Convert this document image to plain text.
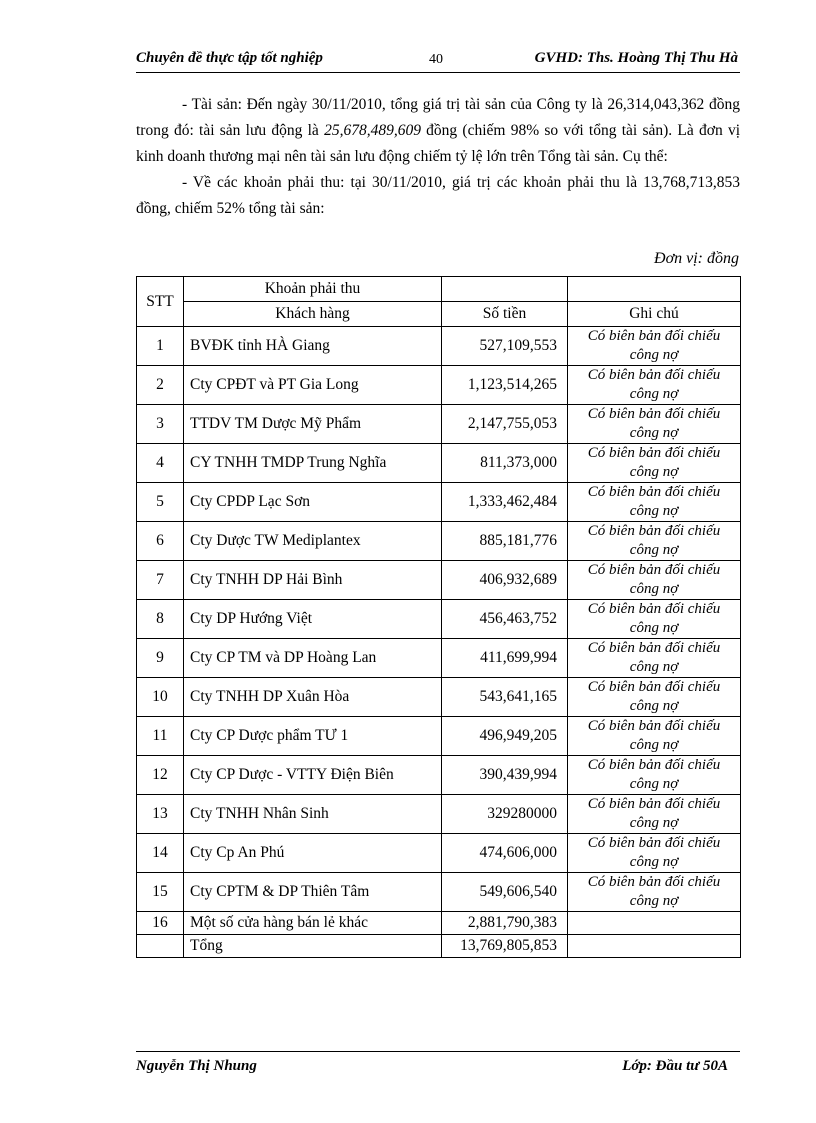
Chuyên đề thực tập tốt nghiệp	40	GVHD: Ths. Hoàng Thị Thu Hà

- Tài sản: Đến ngày 30/11/2010, tổng giá trị tài sản của Công ty là 26,314,043,362 đồng trong đó: tài sản lưu động là 25,678,489,609 đồng (chiếm 98% so với tổng tài sản). Là đơn vị kinh doanh thương mại nên tài sản lưu động chiếm tỷ lệ lớn trên Tổng tài sản. Cụ thể:

- Về các khoản phải thu: tại 30/11/2010, giá trị các khoản phải thu là 13,768,713,853 đồng, chiếm 52% tổng tài sản:

Đơn vị: đồng
STT	Khoản phải thu		
	Khách hàng	Số tiền	Ghi chú
1	BVĐK tỉnh HÀ Giang	527,109,553	Có biên bản đối chiếu công nợ
2	Cty CPĐT và PT Gia Long	1,123,514,265	Có biên bản đối chiếu công nợ
3	TTDV TM Dược Mỹ Phẩm	2,147,755,053	Có biên bản đối chiếu công nợ
4	CY TNHH TMDP Trung Nghĩa	811,373,000	Có biên bản đối chiếu công nợ
5	Cty CPDP Lạc Sơn	1,333,462,484	Có biên bản đối chiếu công nợ
6	Cty Dược TW Mediplantex	885,181,776	Có biên bản đối chiếu công nợ
7	Cty TNHH DP Hải Bình	406,932,689	Có biên bản đối chiếu công nợ
8	Cty DP Hướng Việt	456,463,752	Có biên bản đối chiếu công nợ
9	Cty CP TM và DP Hoàng Lan	411,699,994	Có biên bản đối chiếu công nợ
10	Cty TNHH DP Xuân Hòa	543,641,165	Có biên bản đối chiếu công nợ
11	Cty CP Dược phẩm TƯ 1	496,949,205	Có biên bản đối chiếu công nợ
12	Cty CP Dược - VTTY Điện Biên	390,439,994	Có biên bản đối chiếu công nợ
13	Cty TNHH Nhân Sinh	329280000	Có biên bản đối chiếu công nợ
14	Cty Cp An Phú	474,606,000	Có biên bản đối chiếu công nợ
15	Cty CPTM & DP Thiên Tâm	549,606,540	Có biên bản đối chiếu công nợ
16	Một số cửa hàng bán lẻ khác	2,881,790,383	
	Tổng	13,769,805,853	
Nguyễn Thị Nhung	Lớp: Đầu tư 50A
